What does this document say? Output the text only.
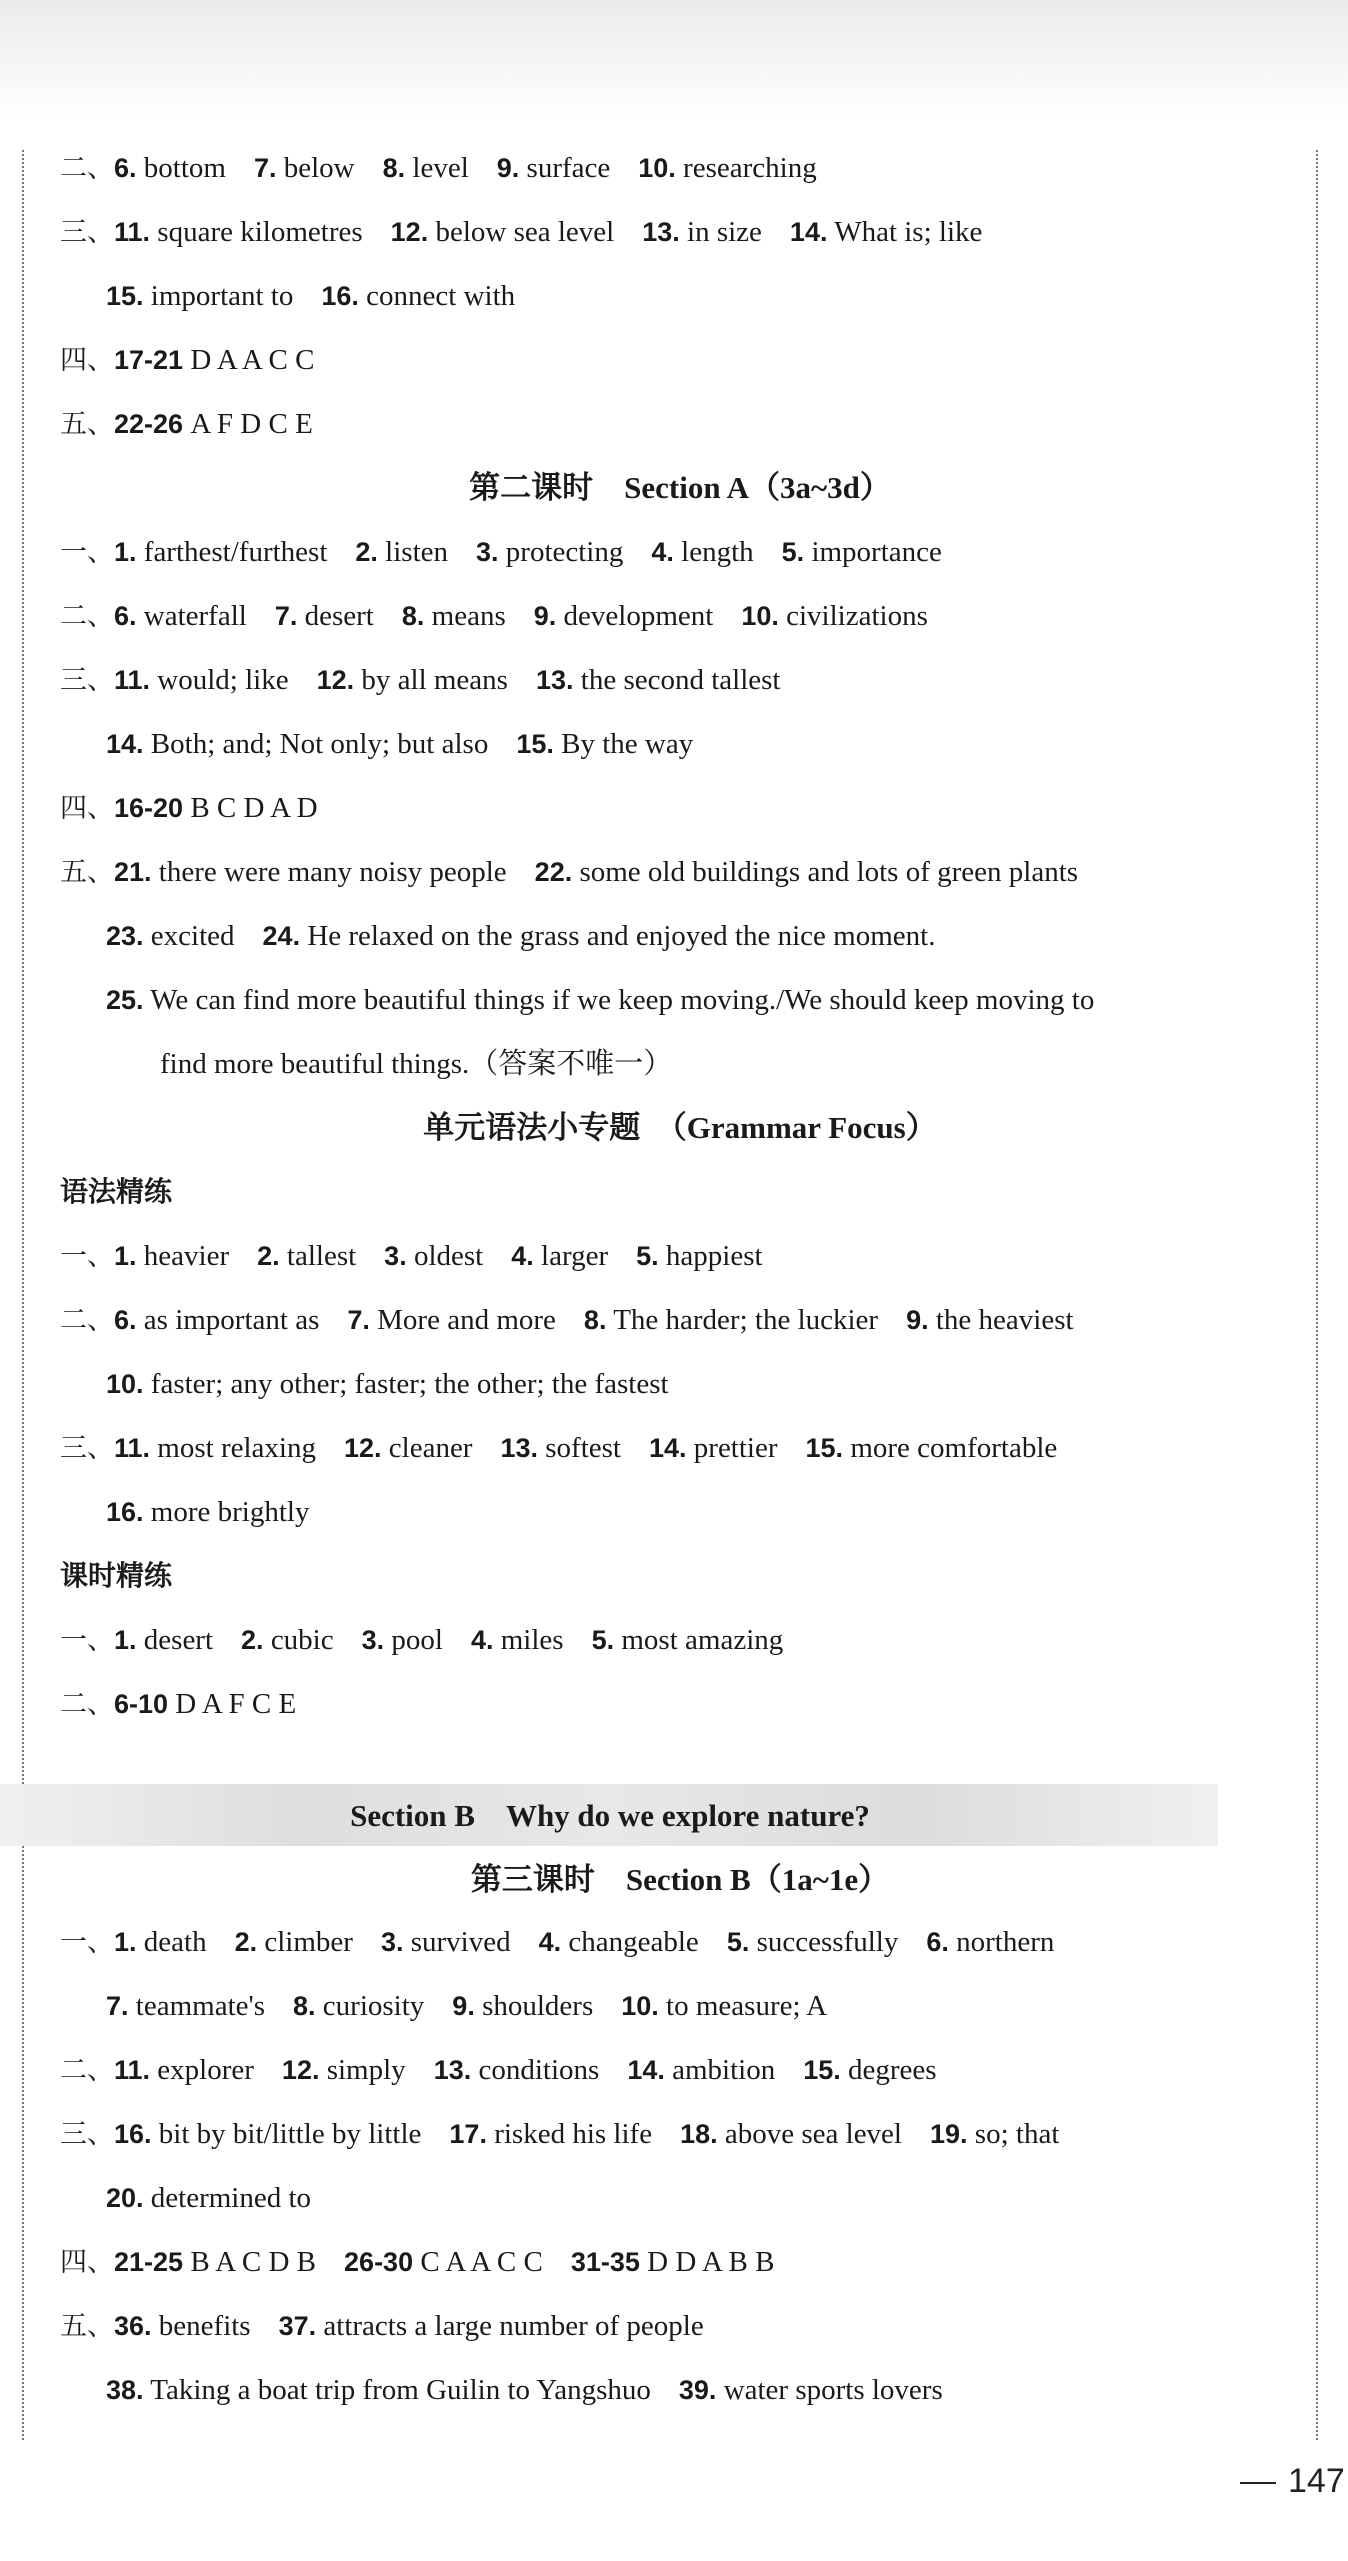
二、6. bottom 7. below 8. level 9. surface 10. researching
三、11. square kilometres 12. below sea level 13. in size 14. What is; like
15. important to 16. connect with
四、17-21 D A A C C
五、22-26 A F D C E
第二课时　Section A（3a~3d）
一、1. farthest/furthest 2. listen 3. protecting 4. length 5. importance
二、6. waterfall 7. desert 8. means 9. development 10. civilizations
三、11. would; like 12. by all means 13. the second tallest
14. Both; and; Not only; but also 15. By the way
四、16-20 B C D A D
五、21. there were many noisy people 22. some old buildings and lots of green plants
23. excited 24. He relaxed on the grass and enjoyed the nice moment.
25. We can find more beautiful things if we keep moving./We should keep moving to
find more beautiful things.（答案不唯一）
单元语法小专题　（Grammar Focus）
语法精练
一、1. heavier 2. tallest 3. oldest 4. larger 5. happiest
二、6. as important as 7. More and more 8. The harder; the luckier 9. the heaviest
10. faster; any other; faster; the other; the fastest
三、11. most relaxing 12. cleaner 13. softest 14. prettier 15. more comfortable
16. more brightly
课时精练
一、1. desert 2. cubic 3. pool 4. miles 5. most amazing
二、6-10 D A F C E
Section B　Why do we explore nature?
第三课时　Section B（1a~1e）
一、1. death 2. climber 3. survived 4. changeable 5. successfully 6. northern
7. teammate's 8. curiosity 9. shoulders 10. to measure; A
二、11. explorer 12. simply 13. conditions 14. ambition 15. degrees
三、16. bit by bit/little by little 17. risked his life 18. above sea level 19. so; that
20. determined to
四、21-25 B A C D B 26-30 C A A C C 31-35 D D A B B
五、36. benefits 37. attracts a large number of people
38. Taking a boat trip from Guilin to Yangshuo 39. water sports lovers
147
